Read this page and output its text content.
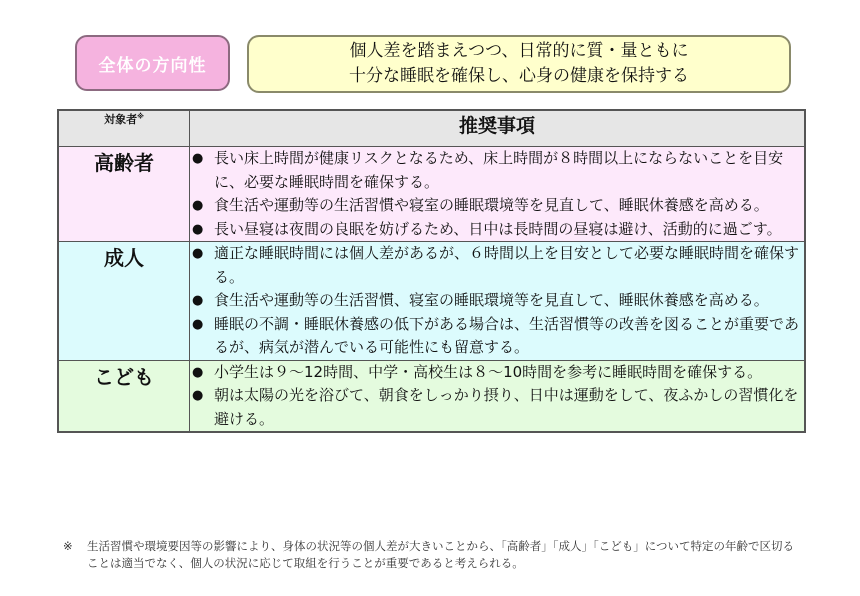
全体の方向性
個人差を踏まえつつ、日常的に質・量ともに
十分な睡眠を確保し、心身の健康を保持する
対象者※	推奨事項
高齢者	● 長い床上時間が健康リスクとなるため、床上時間が８時間以上にならないことを目安に、必要な睡眠時間を確保する。
● 食生活や運動等の生活習慣や寝室の睡眠環境等を見直して、睡眠休養感を高める。
● 長い昼寝は夜間の良眠を妨げるため、日中は長時間の昼寝は避け、活動的に過ごす。

成人	● 適正な睡眠時間には個人差があるが、６時間以上を目安として必要な睡眠時間を確保する。
● 食生活や運動等の生活習慣、寝室の睡眠環境等を見直して、睡眠休養感を高める。
● 睡眠の不調・睡眠休養感の低下がある場合は、生活習慣等の改善を図ることが重要であるが、病気が潜んでいる可能性にも留意する。

こども	● 小学生は９～12時間、中学・高校生は８～10時間を参考に睡眠時間を確保する。
● 朝は太陽の光を浴びて、朝食をしっかり摂り、日中は運動をして、夜ふかしの習慣化を避ける。
※	生活習慣や環境要因等の影響により、身体の状況等の個人差が大きいことから、「高齢者」「成人」「こども」について特定の年齢で区切ることは適当でなく、個人の状況に応じて取組を行うことが重要であると考えられる。
